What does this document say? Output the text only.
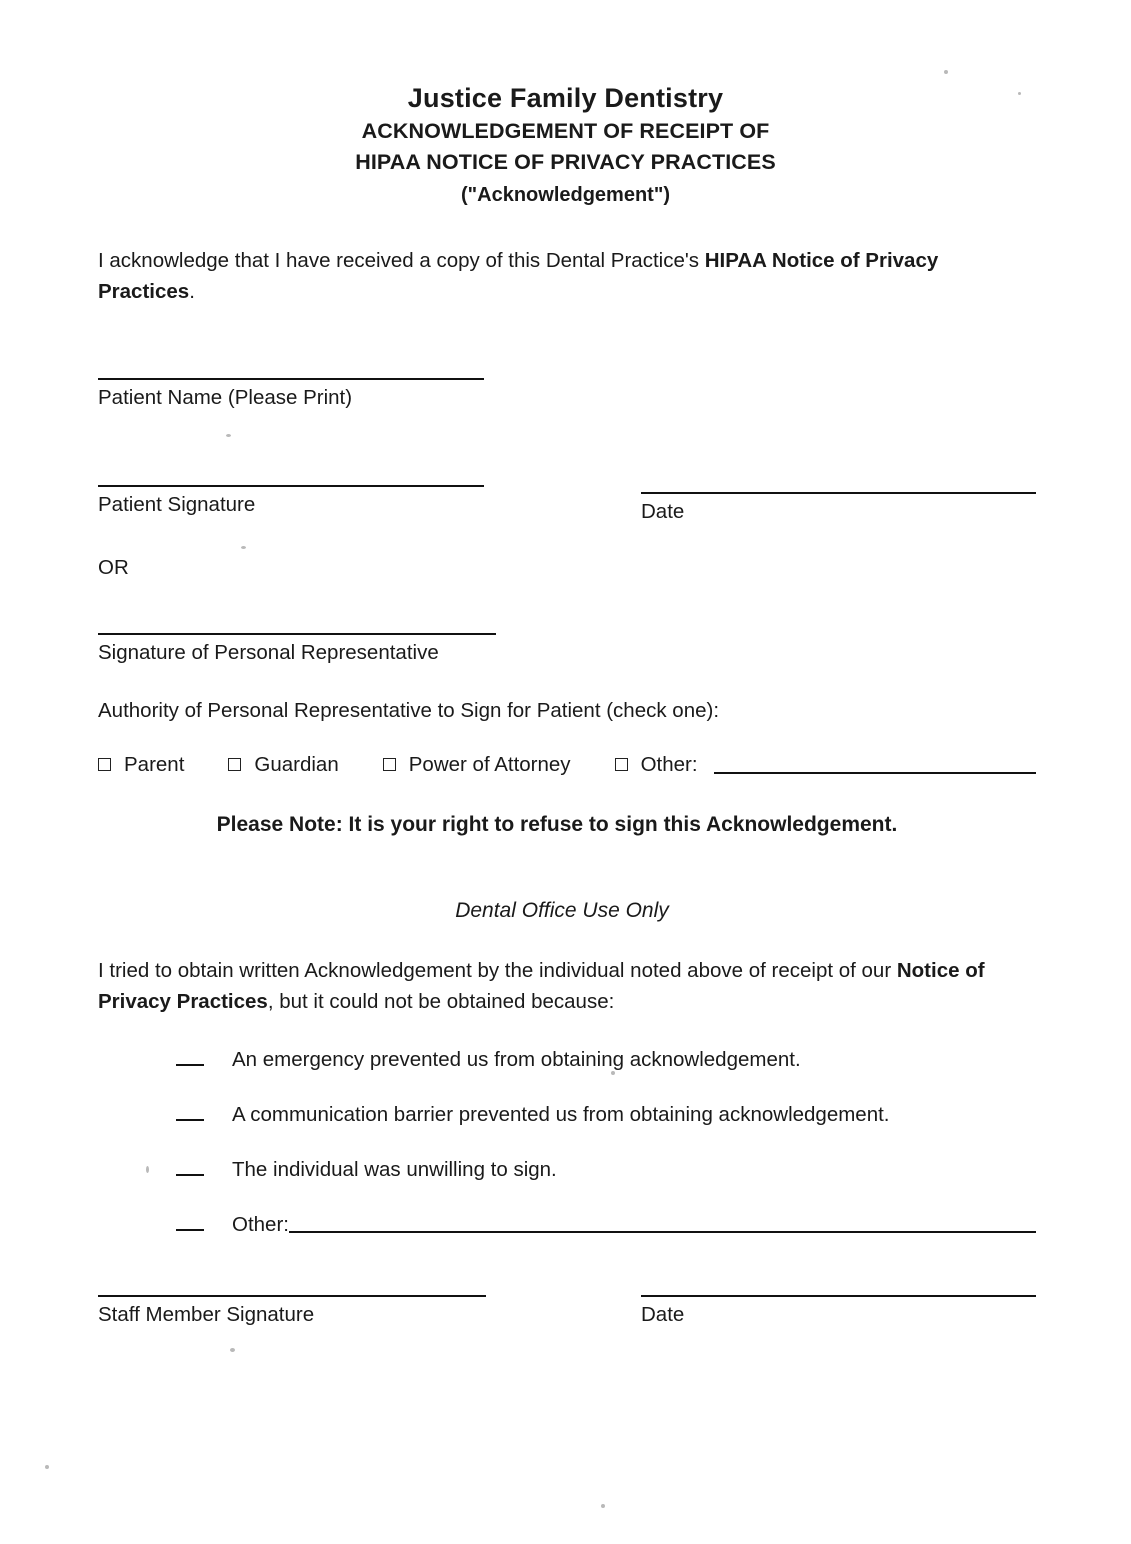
Justice Family Dentistry
ACKNOWLEDGEMENT OF RECEIPT OF
HIPAA NOTICE OF PRIVACY PRACTICES
("Acknowledgement")

I acknowledge that I have received a copy of this Dental Practice's HIPAA Notice of Privacy Practices.

Patient Name (Please Print)
Patient Signature	Date
OR
Signature of Personal Representative
Authority of Personal Representative to Sign for Patient (check one):
Parent	Guardian	Power of Attorney	Other:
Please Note: It is your right to refuse to sign this Acknowledgement.
Dental Office Use Only

I tried to obtain written Acknowledgement by the individual noted above of receipt of our Notice of Privacy Practices, but it could not be obtained because:

An emergency prevented us from obtaining acknowledgement.
A communication barrier prevented us from obtaining acknowledgement.
The individual was unwilling to sign.
Other:
Staff Member Signature	Date
